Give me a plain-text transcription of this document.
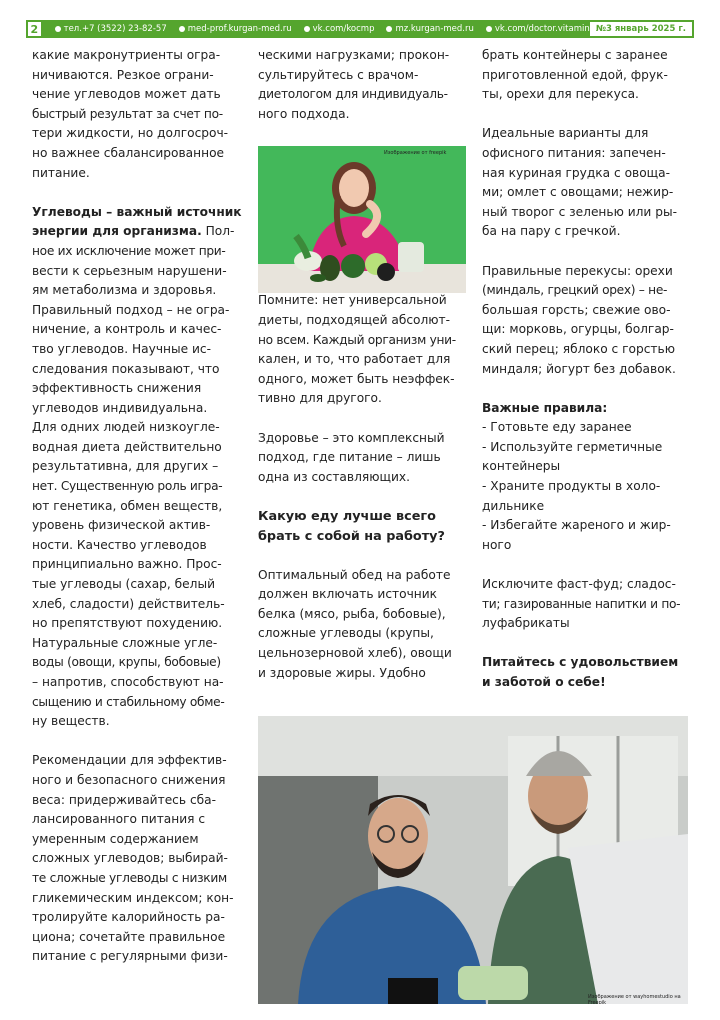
2	тел.+7 (3522) 23-82-57 med-prof.kurgan-med.ru vk.com/kocmp mz.kurgan-med.ru vk.com/doctor.vitamin №3 январь 2025 г.

какие макронутриенты огра-

ничиваются. Резкое ограни-

чение углеводов может дать

быстрый результат за счет по-

тери жидкости, но долгосроч-

но важнее сбалансированное

питание.

Углеводы – важный источник

энергии для организма. Пол-

ное их исключение может при-

вести к серьезным нарушени-

ям метаболизма и здоровья.

Правильный подход – не огра-

ничение, а контроль и качес-

тво углеводов. Научные ис-

следования показывают, что

эффективность снижения

углеводов индивидуальна.

Для одних людей низкоугле-

водная диета действительно

результативна, для других –

нет. Существенную роль игра-

ют генетика, обмен веществ,

уровень физической актив-

ности. Качество углеводов

принципиально важно. Прос-

тые углеводы (сахар, белый

хлеб, сладости) действитель-

но препятствуют похудению.

Натуральные сложные угле-

воды (овощи, крупы, бобовые)

– напротив, способствуют на-

сыщению и стабильному обме-

ну веществ.

Рекомендации для эффектив-

ного и безопасного снижения

веса: придерживайтесь сба-

лансированного питания с

умеренным содержанием

сложных углеводов; выбирай-

те сложные углеводы с низким

гликемическим индексом; кон-

тролируйте калорийность ра-

циона; сочетайте правильное

питание с регулярными физи-

ческими нагрузками; прокон-

сультируйтесь с врачом-

диетологом для индивидуаль-

ного подхода.

Помните: нет универсальной

диеты, подходящей абсолют-

но всем. Каждый организм уни-

кален, и то, что работает для

одного, может быть неэффек-

тивно для другого.

Здоровье – это комплексный

подход, где питание – лишь

одна из составляющих.

Какую еду лучше всего

брать с собой на работу?

Оптимальный обед на работе

должен включать источник

белка (мясо, рыба, бобовые),

сложные углеводы (крупы,

цельнозерновой хлеб), овощи

и здоровые жиры. Удобно

Изображение от freepik

брать контейнеры с заранее

приготовленной едой, фрук-

ты, орехи для перекуса.

Идеальные варианты для

офисного питания: запечен-

ная куриная грудка с овоща-

ми; омлет с овощами; нежир-

ный творог с зеленью или ры-

ба на пару с гречкой.

Правильные перекусы: орехи

(миндаль, грецкий орех) – не-

большая горсть; свежие ово-

щи: морковь, огурцы, болгар-

ский перец; яблоко с горстью

миндаля; йогурт без добавок.

Важные правила:

- Готовьте еду заранее

- Используйте герметичные

контейнеры

- Храните продукты в холо-

дильнике

- Избегайте жареного и жир-

ного

Исключите фаст-фуд; сладос-

ти; газированные напитки и по-

луфабрикаты

Питайтесь с удовольствием

и заботой о себе!

Изображение от wayhomestudio на Freepik
